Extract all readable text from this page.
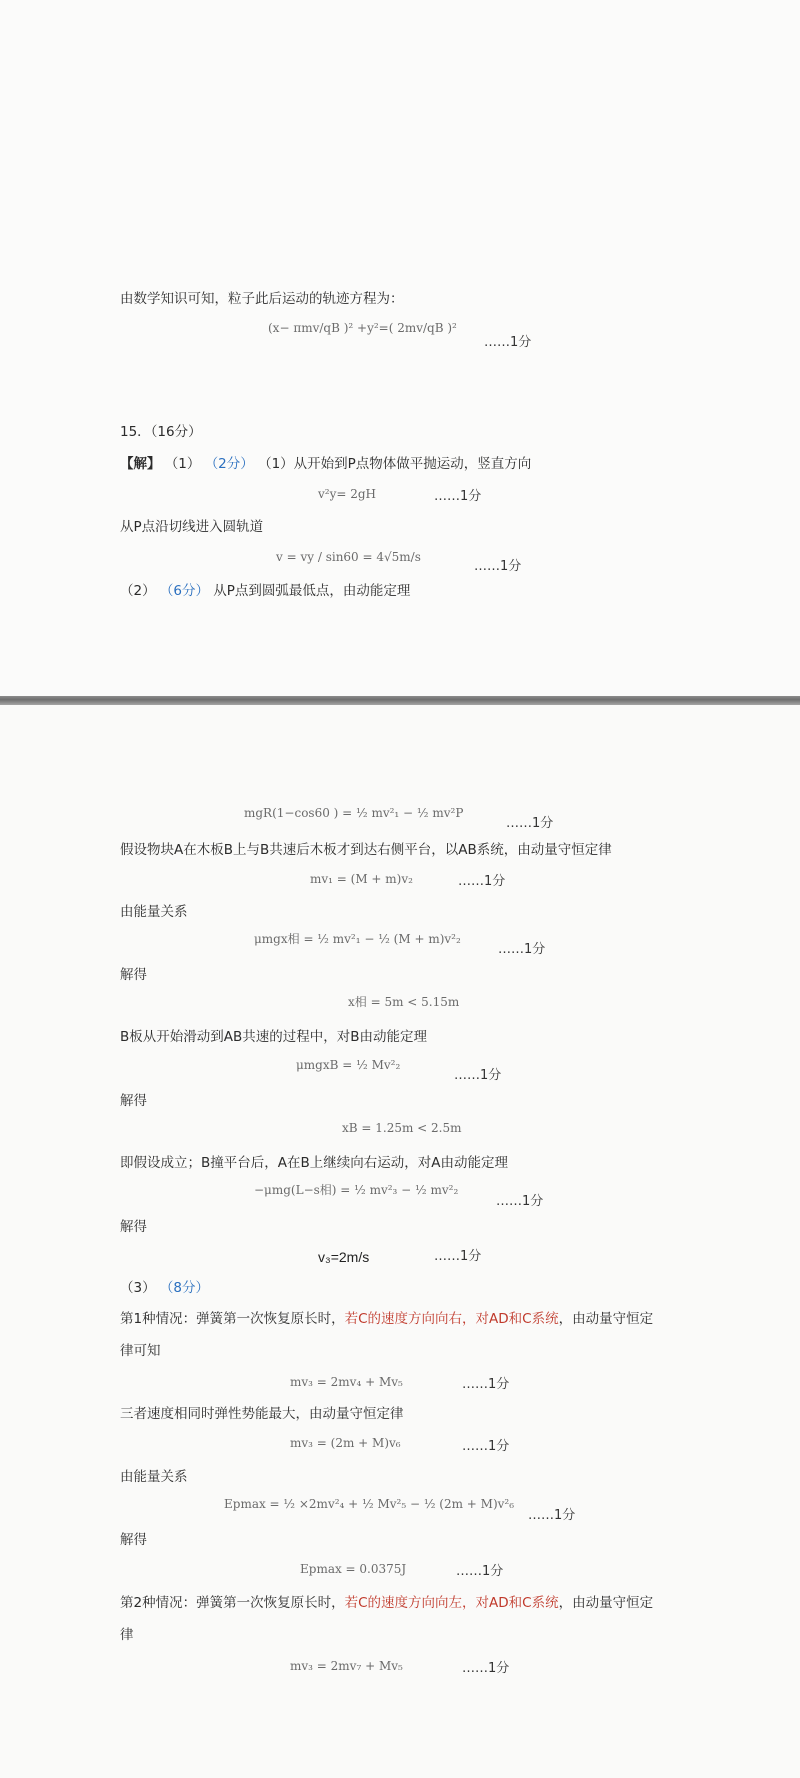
由数学知识可知，粒子此后运动的轨迹方程为：
(x− πmv/qB )² +y²=( 2mv/qB )²
……1分
15．（16分）
【解】 （1） （2分） （1）从开始到P点物体做平抛运动，竖直方向
v²y= 2gH	……1分
从P点沿切线进入圆轨道
v = vy / sin60 = 4√5m/s
……1分
（2） （6分） 从P点到圆弧最低点，由动能定理
mgR(1−cos60 ) = ½ mv²₁ − ½ mv²P
……1分
假设物块A在木板B上与B共速后木板才到达右侧平台，以AB系统，由动量守恒定律
mv₁ = (M + m)v₂	……1分
由能量关系
μmgx相 = ½ mv²₁ − ½ (M + m)v²₂
……1分
解得
x相 = 5m < 5.15m
B板从开始滑动到AB共速的过程中，对B由动能定理
μmgxB = ½ Mv²₂
……1分
解得
xB = 1.25m < 2.5m
即假设成立；B撞平台后，A在B上继续向右运动，对A由动能定理
−μmg(L−s相) = ½ mv²₃ − ½ mv²₂
……1分
解得
v₃=2m/s	……1分
（3） （8分）
第1种情况：弹簧第一次恢复原长时，若C的速度方向向右，对AD和C系统，由动量守恒定
律可知
mv₃ = 2mv₄ + Mv₅	……1分
三者速度相同时弹性势能最大，由动量守恒定律
mv₃ = (2m + M)v₆	……1分
由能量关系
Epmax = ½ ×2mv²₄ + ½ Mv²₅ − ½ (2m + M)v²₆
……1分
解得
Epmax = 0.0375J	……1分
第2种情况：弹簧第一次恢复原长时，若C的速度方向向左，对AD和C系统，由动量守恒定
律
mv₃ = 2mv₇ + Mv₅	……1分
